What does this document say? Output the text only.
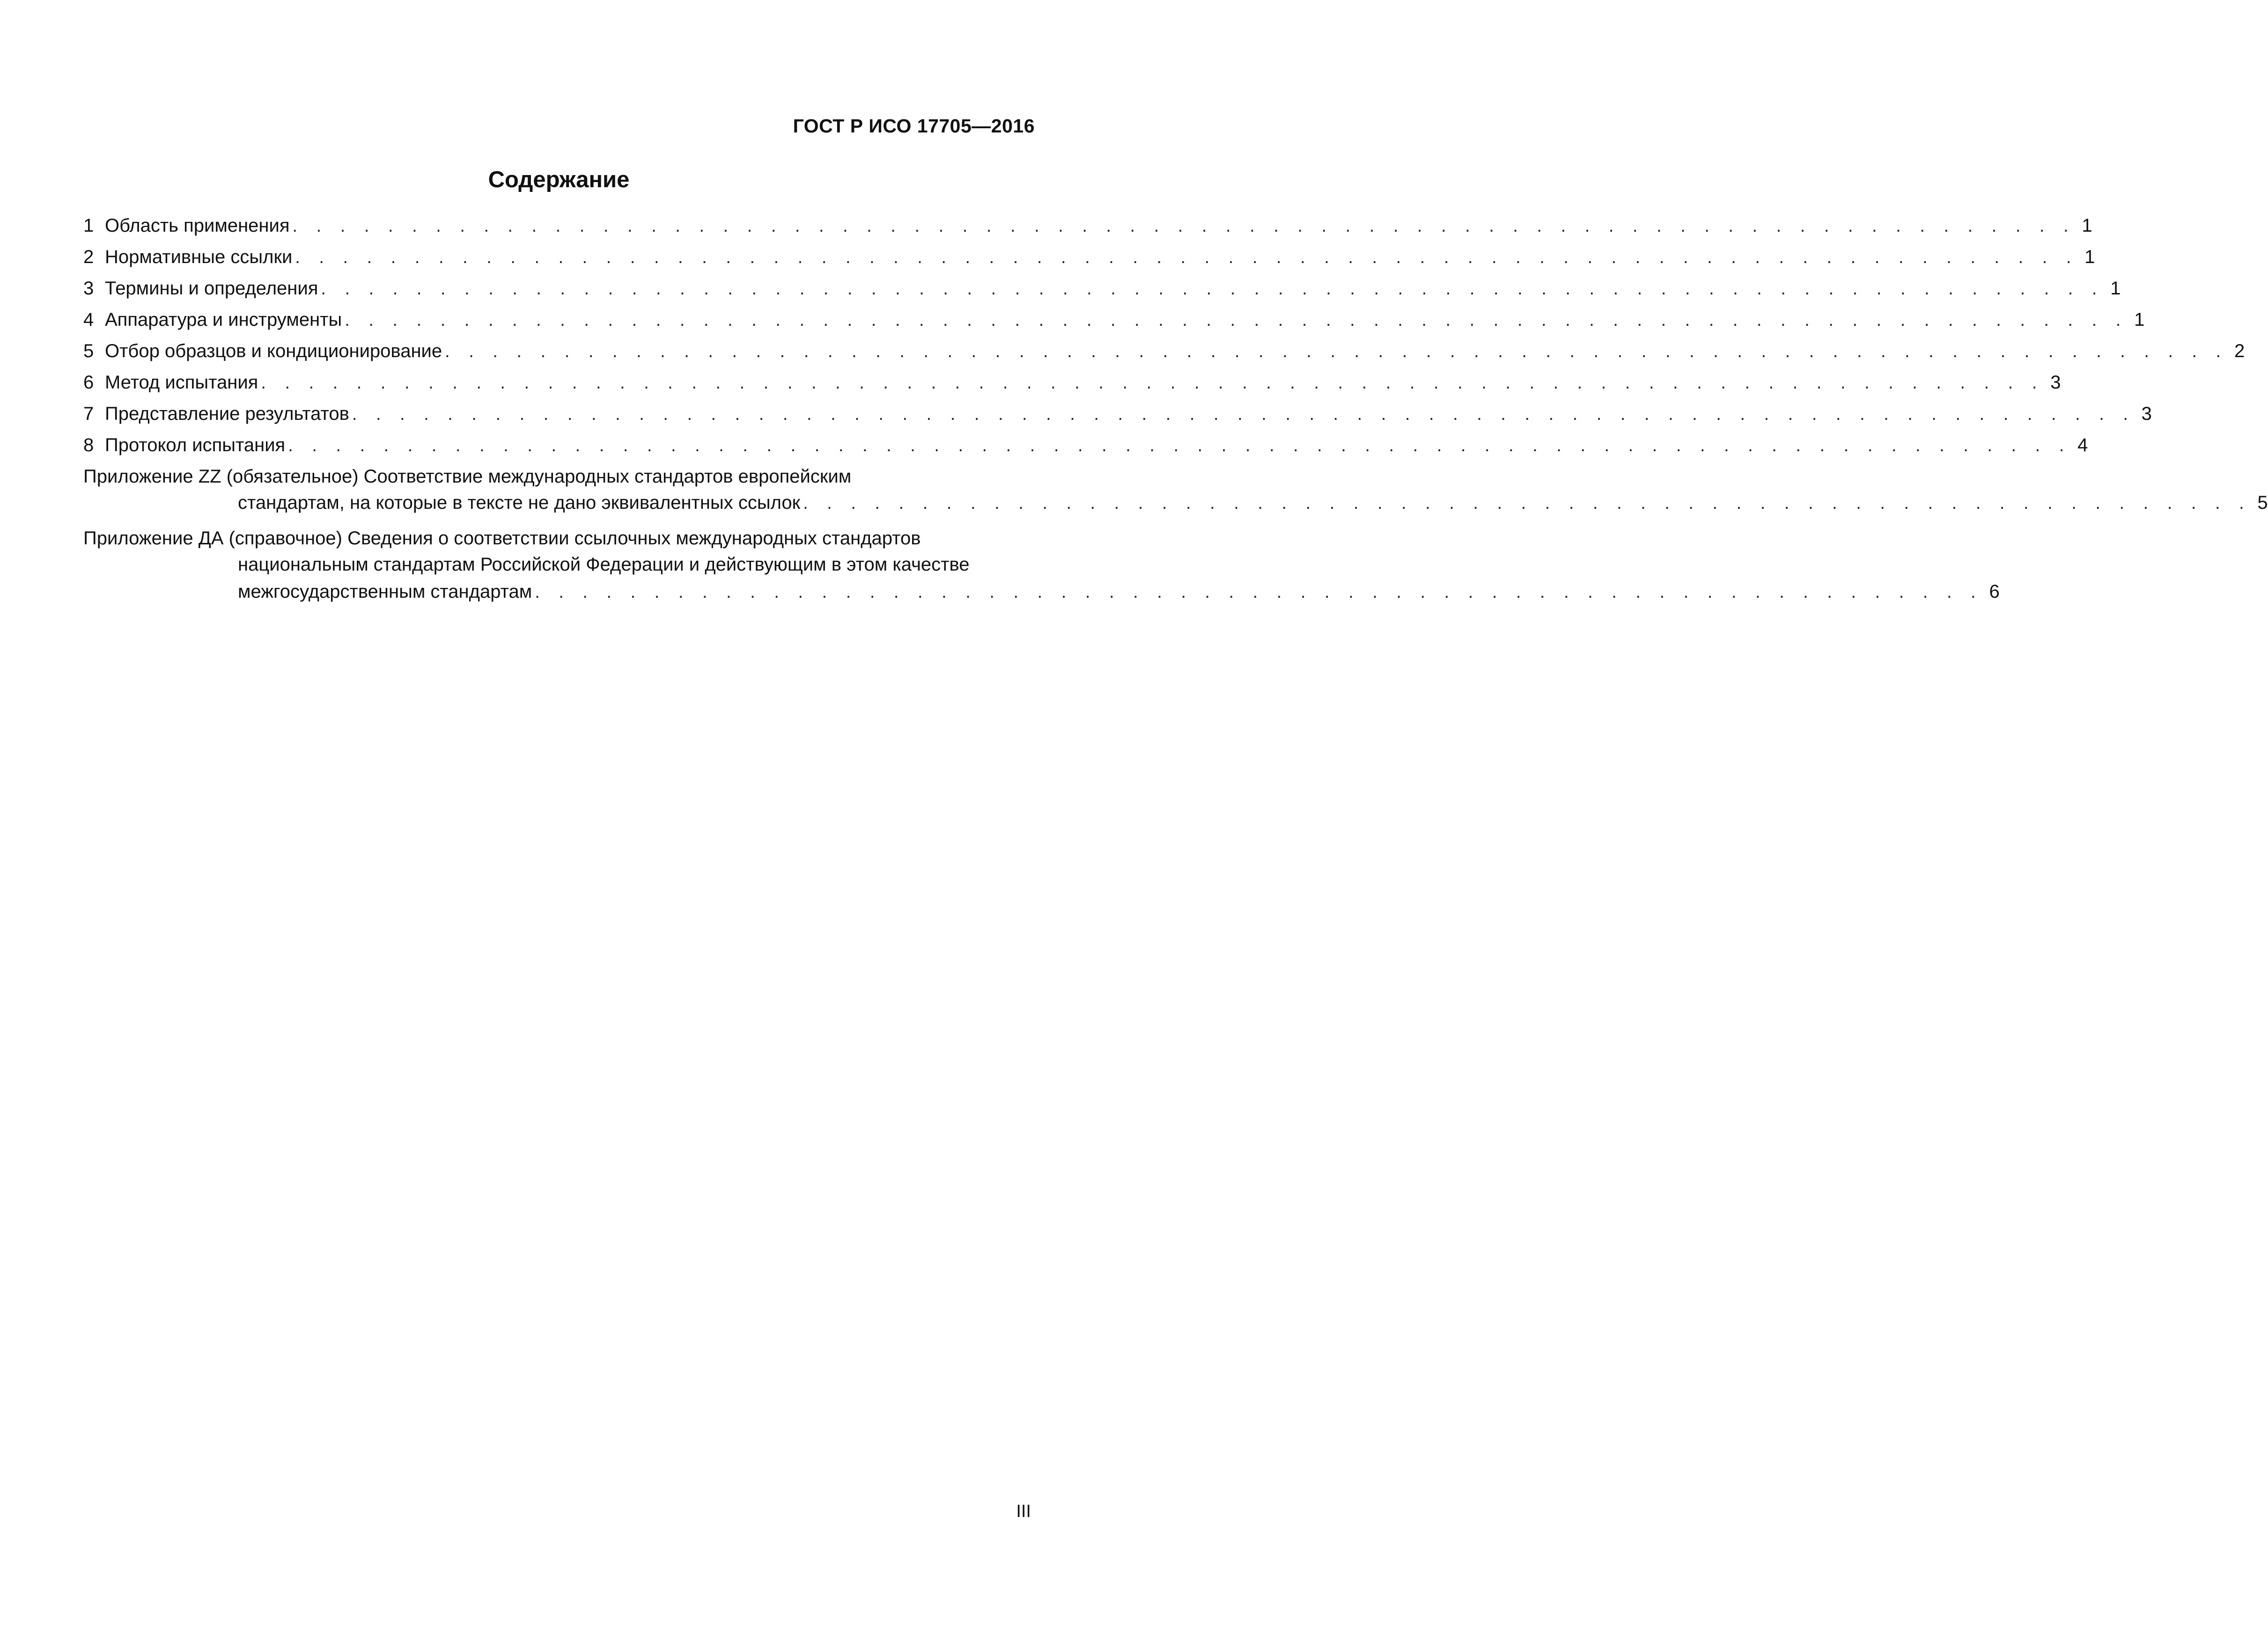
ГОСТ Р ИСО 17705—2016
Содержание
1 Область применения . . . . . . . . . . . . . . . . . . . . . . . . . . . . . . . . . . . . . . . . . . . . . . . . . . . . . . . . . . . . . . . . . . . . . . . . . . . 1
2 Нормативные ссылки . . . . . . . . . . . . . . . . . . . . . . . . . . . . . . . . . . . . . . . . . . . . . . . . . . . . . . . . . . . . . . . . . . . . . . . . . . . 1
3 Термины и определения . . . . . . . . . . . . . . . . . . . . . . . . . . . . . . . . . . . . . . . . . . . . . . . . . . . . . . . . . . . . . . . . . . . . . . . . . . . 1
4 Аппаратура и инструменты . . . . . . . . . . . . . . . . . . . . . . . . . . . . . . . . . . . . . . . . . . . . . . . . . . . . . . . . . . . . . . . . . . . . . . . . . . . 1
5 Отбор образцов и кондиционирование . . . . . . . . . . . . . . . . . . . . . . . . . . . . . . . . . . . . . . . . . . . . . . . . . . . . . . . . . . . . . . . . . . . . . . . . . . . 2
6 Метод испытания . . . . . . . . . . . . . . . . . . . . . . . . . . . . . . . . . . . . . . . . . . . . . . . . . . . . . . . . . . . . . . . . . . . . . . . . . . . 3
7 Представление результатов . . . . . . . . . . . . . . . . . . . . . . . . . . . . . . . . . . . . . . . . . . . . . . . . . . . . . . . . . . . . . . . . . . . . . . . . . . . 3
8 Протокол испытания . . . . . . . . . . . . . . . . . . . . . . . . . . . . . . . . . . . . . . . . . . . . . . . . . . . . . . . . . . . . . . . . . . . . . . . . . . . 4
Приложение ZZ (обязательное) Соответствие международных стандартов европейским
стандартам, на которые в тексте не дано эквивалентных ссылок . . . . . . . . . . . . . . . . . . . . . . . . . . . . . . . . . . . . . . . . . . . . . . . . . . . . . . . . . . . . . 5
Приложение ДА (справочное) Сведения о соответствии ссылочных международных стандартов
национальным стандартам Российской Федерации и действующим в этом качестве
межгосударственным стандартам . . . . . . . . . . . . . . . . . . . . . . . . . . . . . . . . . . . . . . . . . . . . . . . . . . . . . . . . . . . . . 6
III
